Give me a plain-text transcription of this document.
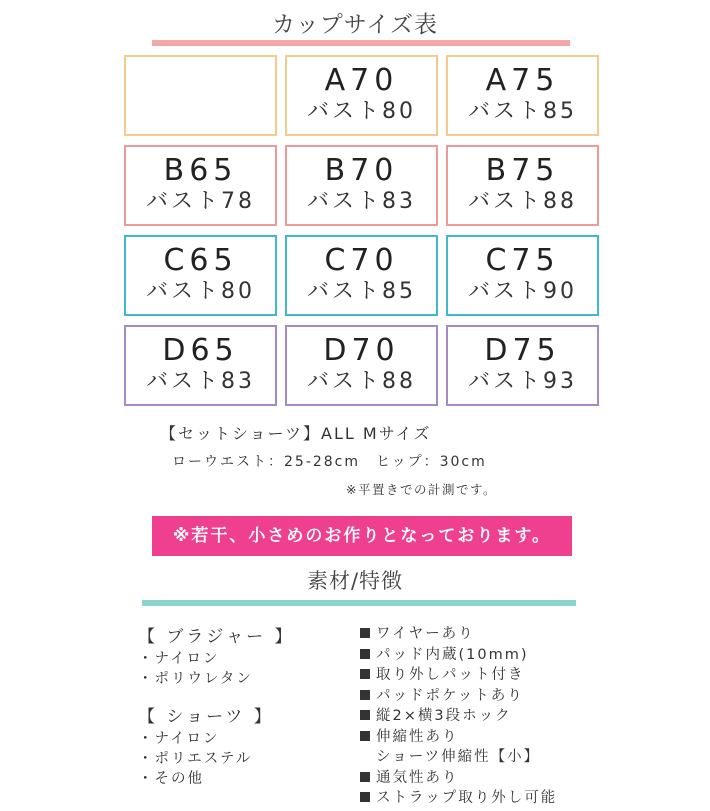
カップサイズ表
A70
バスト80
A75
バスト85
B65
バスト78
B70
バスト83
B75
バスト88
C65
バスト80
C70
バスト85
C75
バスト90
D65
バスト83
D70
バスト88
D75
バスト93
【セットショーツ】ALL Mサイズ
ローウエスト：25-28cm　ヒップ：30cm
※平置きでの計測です。
※若干、小さめのお作りとなっております。
素材/特徴
【 ブラジャー 】
・ナイロン
・ポリウレタン
【 ショーツ 】
・ナイロン
・ポリエステル
・その他
ワイヤーあり
パッド内蔵(10mm)
取り外しパット付き
パッドポケットあり
縦2×横3段ホック
伸縮性あり
ショーツ伸縮性【小】
通気性あり
ストラップ取り外し可能
